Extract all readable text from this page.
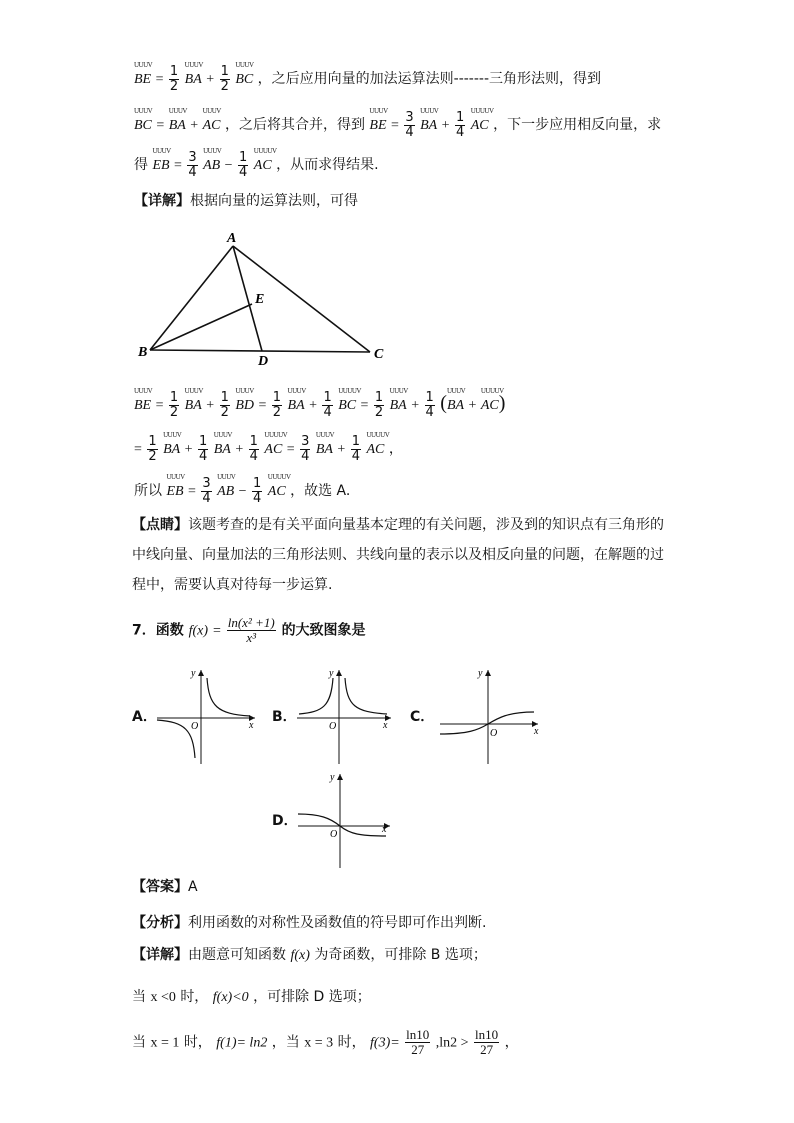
UUUV
BE = $\frac{1}{2}$
UUUV
BA + $\frac{1}{2}$
UUUV
BC ，之后应用向量的加法运算法则-------三角形法则，得到
UUUV
BC =
UUUV
BA +
UUUV
AC ，之后将其合并，得到
UUUV
BE = $\frac{3}{4}$
UUUV
BA + $\frac{1}{4}$
UUUUV
AC ，下一步应用相反向量，求
得
UUUV
EB = $\frac{3}{4}$
UUUV
AB − $\frac{1}{4}$
UUUUV
AC ，从而求得结果.
【详解】根据向量的运算法则，可得
A
E
B
D	C
UUUV
BE = $\frac{1}{2}$
UUUV
BA + $\frac{1}{2}$
UUUV
BD = $\frac{1}{2}$
UUUV
BA + $\frac{1}{4}$
UUUUV
BC = $\frac{1}{2}$
UUUV
BA + $\frac{1}{4}$ (
UUUV
BA +
UUUUV
AC)
= $\frac{1}{2}$
UUUV
BA + $\frac{1}{4}$
UUUV
BA + $\frac{1}{4}$
UUUUV
AC = $\frac{3}{4}$
UUUV
BA + $\frac{1}{4}$
UUUUV
AC ，
所以
UUUV
EB = $\frac{3}{4}$
UUUV
AB − $\frac{1}{4}$
UUUUV
AC ，故选 A.
【点睛】该题考查的是有关平面向量基本定理的有关问题，涉及到的知识点有三角形的中线向量、向量加法的三角形法则、共线向量的表示以及相反向量的问题，在解题的过程中，需要认真对待每一步运算.
7．函数 $f(x) = \frac{\text{ln(x² +1)}}{\text{x³}}$ 的大致图象是
A．
y
x
O
B．
y
x
O
C．
y
x
O
D．
y
x
O
【答案】A
【分析】利用函数的对称性及函数值的符号即可作出判断.
【详解】由题意可知函数 f(x) 为奇函数，可排除 B 选项；
当 x <0 时， f(x)<0 ，可排除 D 选项；
当 x = 1 时， f(1)= ln2 ，当 x = 3 时， $f(3)= \frac{\ln 10}{27} ,\ln 2 > \frac{\ln 10}{27}$ ，
